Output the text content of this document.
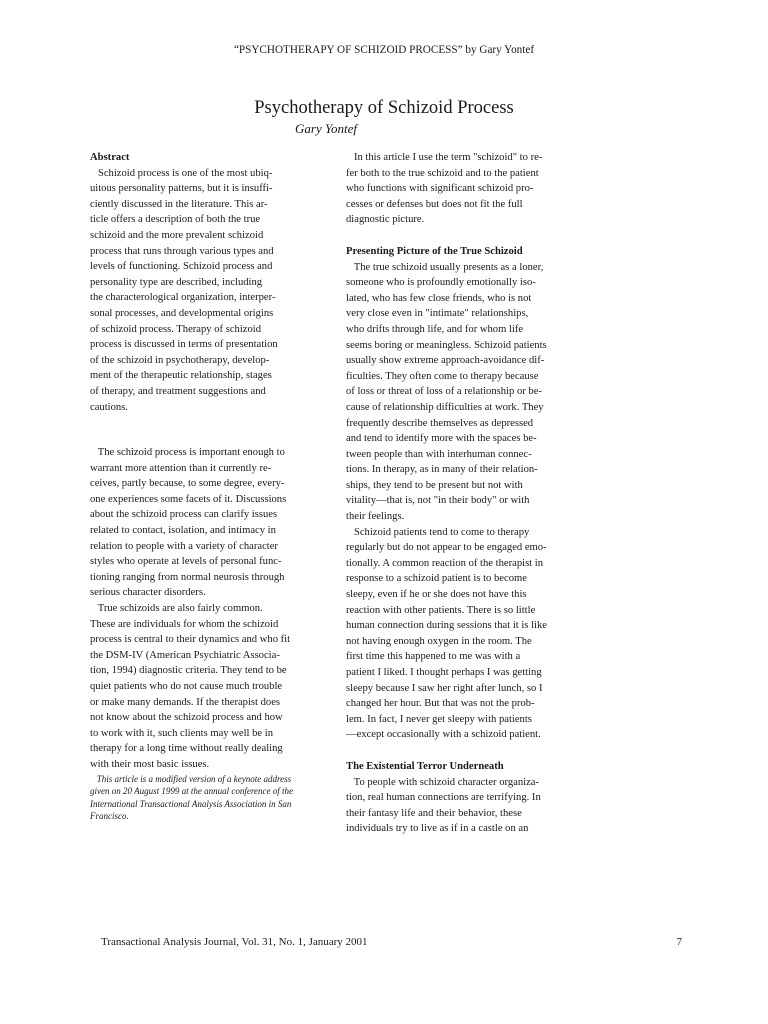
“PSYCHOTHERAPY OF SCHIZOID PROCESS” by Gary Yontef
Psychotherapy of Schizoid Process
Gary Yontef
Abstract
Schizoid process is one of the most ubiq-
uitous personality patterns, but it is insuffi-
ciently discussed in the literature. This ar-
ticle offers a description of both the true
schizoid and the more prevalent schizoid
process that runs through various types and
levels of functioning. Schizoid process and
personality type are described, including
the characterological organization, interper-
sonal processes, and developmental origins
of schizoid process. Therapy of schizoid
process is discussed in terms of presentation
of the schizoid in psychotherapy, develop-
ment of the therapeutic relationship, stages
of therapy, and treatment suggestions and
cautions.
The schizoid process is important enough to
warrant more attention than it currently re-
ceives, partly because, to some degree, every-
one experiences some facets of it. Discussions
about the schizoid process can clarify issues
related to contact, isolation, and intimacy in
relation to people with a variety of character
styles who operate at levels of personal func-
tioning ranging from normal neurosis through
serious character disorders.
True schizoids are also fairly common.
These are individuals for whom the schizoid
process is central to their dynamics and who fit
the DSM-IV (American Psychiatric Associa-
tion, 1994) diagnostic criteria. They tend to be
quiet patients who do not cause much trouble
or make many demands. If the therapist does
not know about the schizoid process and how
to work with it, such clients may well be in
therapy for a long time without really dealing
with their most basic issues.
This article is a modified version of a keynote address
given on 20 August 1999 at the annual conference of the
International Transactional Analysis Association in San
Francisco.
In this article I use the term "schizoid" to re-
fer both to the true schizoid and to the patient
who functions with significant schizoid pro-
cesses or defenses but does not fit the full
diagnostic picture.
Presenting Picture of the True Schizoid
The true schizoid usually presents as a loner,
someone who is profoundly emotionally iso-
lated, who has few close friends, who is not
very close even in "intimate" relationships,
who drifts through life, and for whom life
seems boring or meaningless. Schizoid patients
usually show extreme approach-avoidance dif-
ficulties. They often come to therapy because
of loss or threat of loss of a relationship or be-
cause of relationship difficulties at work. They
frequently describe themselves as depressed
and tend to identify more with the spaces be-
tween people than with interhuman connec-
tions. In therapy, as in many of their relation-
ships, they tend to be present but not with
vitality—that is, not "in their body" or with
their feelings.
Schizoid patients tend to come to therapy
regularly but do not appear to be engaged emo-
tionally. A common reaction of the therapist in
response to a schizoid patient is to become
sleepy, even if he or she does not have this
reaction with other patients. There is so little
human connection during sessions that it is like
not having enough oxygen in the room. The
first time this happened to me was with a
patient I liked. I thought perhaps I was getting
sleepy because I saw her right after lunch, so I
changed her hour. But that was not the prob-
lem. In fact, I never get sleepy with patients
—except occasionally with a schizoid patient.
The Existential Terror Underneath
To people with schizoid character organiza-
tion, real human connections are terrifying. In
their fantasy life and their behavior, these
individuals try to live as if in a castle on an
Transactional Analysis Journal, Vol. 31, No. 1, January 2001	7
